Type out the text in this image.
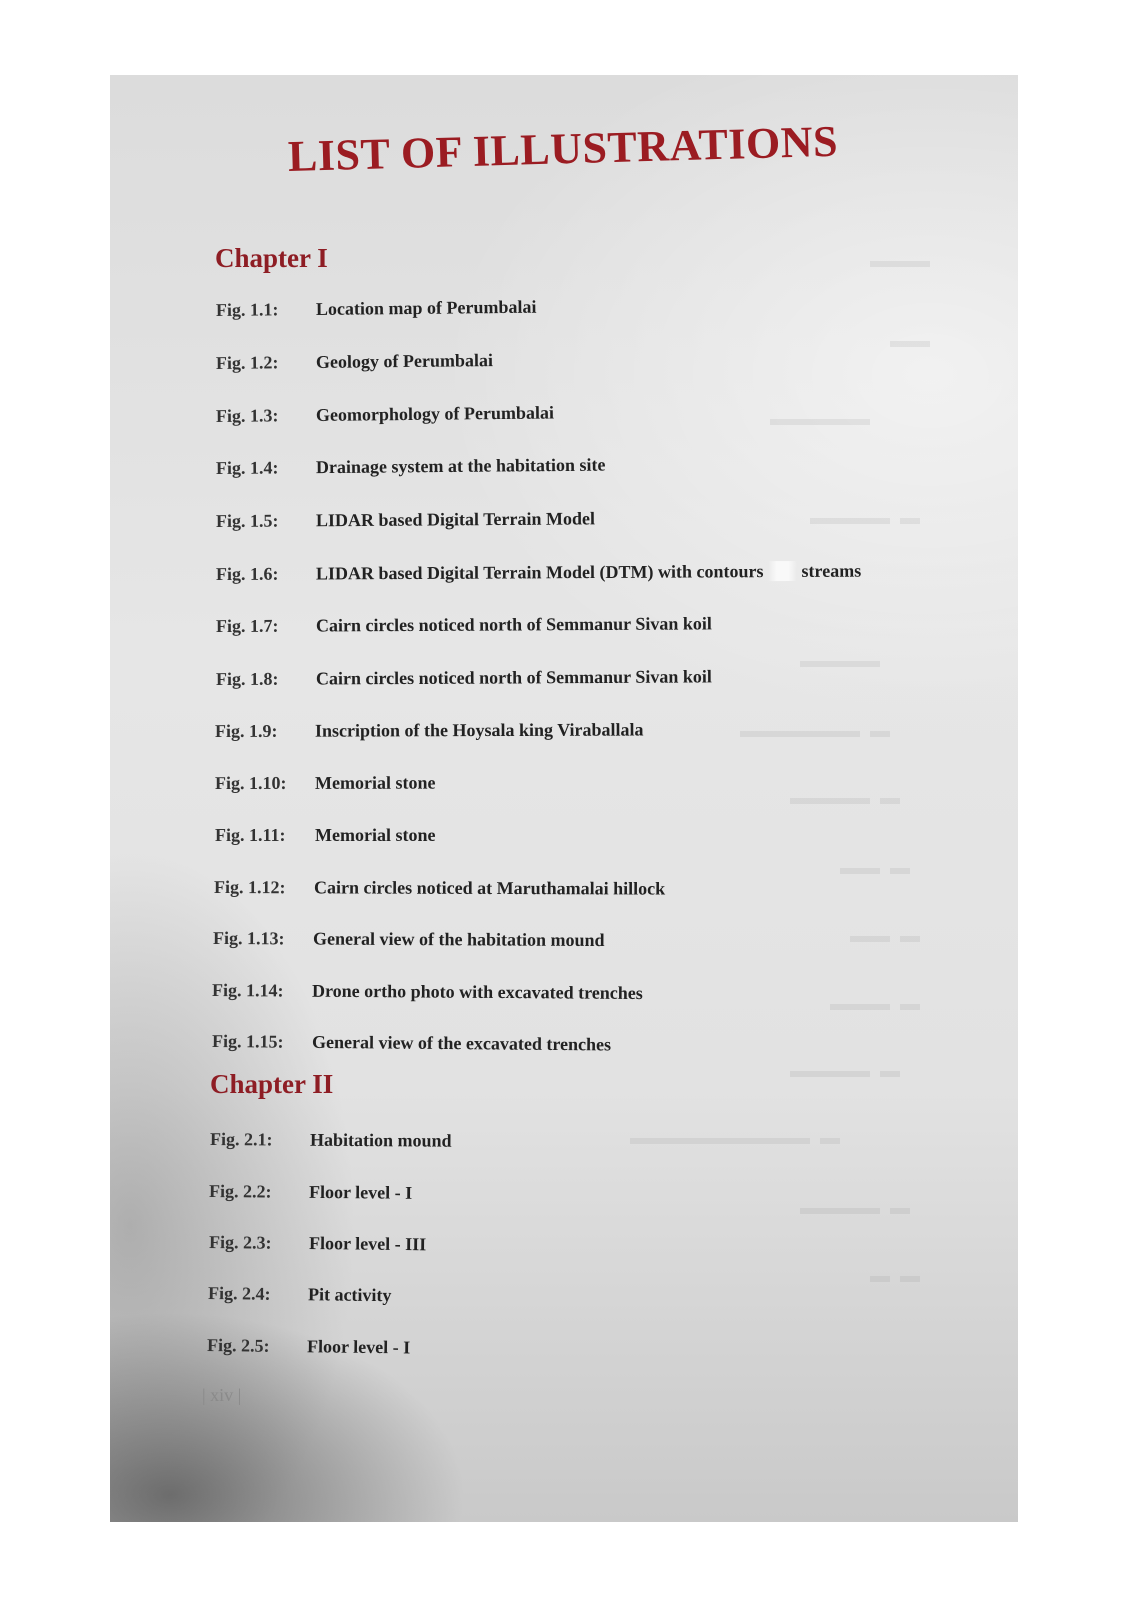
▬▬▬
▬▬
▬▬▬▬▬
▬▬▬▬  ▬
▬▬▬▬
▬▬▬▬▬▬  ▬
▬▬▬▬  ▬
▬▬  ▬
▬▬  ▬
▬▬▬  ▬
▬▬▬▬  ▬
▬▬▬▬▬▬▬▬▬  ▬
▬▬▬▬  ▬
▬  ▬
LIST OF ILLUSTRATIONS
Chapter I
Fig. 1.1: Location map of Perumbalai
Fig. 1.2: Geology of Perumbalai
Fig. 1.3: Geomorphology of Perumbalai
Fig. 1.4: Drainage system at the habitation site
Fig. 1.5: LIDAR based Digital Terrain Model
Fig. 1.6: LIDAR based Digital Terrain Model (DTM) with contours streams
Fig. 1.7: Cairn circles noticed north of Semmanur Sivan koil
Fig. 1.8: Cairn circles noticed north of Semmanur Sivan koil
Fig. 1.9: Inscription of the Hoysala king Viraballala
Fig. 1.10: Memorial stone
Fig. 1.11: Memorial stone
Fig. 1.12: Cairn circles noticed at Maruthamalai hillock
Fig. 1.13: General view of the habitation mound
Fig. 1.14: Drone ortho photo with excavated trenches
Fig. 1.15: General view of the excavated trenches
Chapter II
Fig. 2.1: Habitation mound
Fig. 2.2: Floor level - I
Fig. 2.3: Floor level - III
Fig. 2.4: Pit activity
Fig. 2.5: Floor level - I
| xiv |
